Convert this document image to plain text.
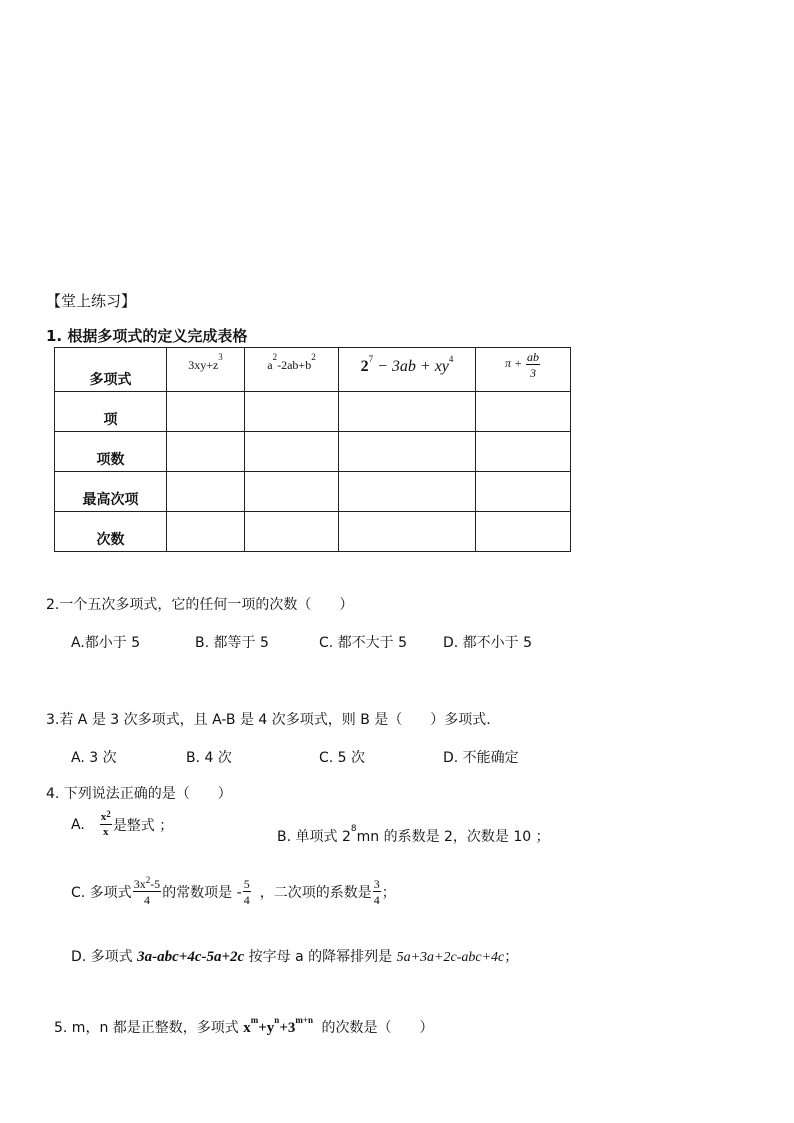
【堂上练习】
1. 根据多项式的定义完成表格
多项式	$^{3xy+z^3}$	$^{a^2-2ab+b^2}$	$2^7 - 3ab + xy^4$	$^{\pi + \frac{ab}{3}}$

项				
项数				
最高次项				
次数				
2.一个五次多项式，它的任何一项的次数（　　）
A.都小于 5	B. 都等于 5	C. 都不大于 5	D. 都不小于 5
3.若 A 是 3 次多项式，且 A-B 是 4 次多项式，则 B 是（　　）多项式.
A. 3 次	B. 4 次	C. 5 次	D. 不能确定
4. 下列说法正确的是（　　）
A. $\frac{x^2}{x}$ 是整式 ；
B. 单项式 $2^8mn$ 的系数是 2，次数是 10 ；
C. 多项式 $\frac{3x^2-5}{4}$ 的常数项是 - $\frac{5}{4}$ ，二次项的系数是 $\frac{3}{4}$ ；
D. 多项式 3a-abc+4c-5a+2c 按字母 a 的降幂排列是 5a+3a+2c-abc+4c；
5. m，n 都是正整数，多项式 $x^m+y^n+3^{m+n}$ 的次数是（　　）
